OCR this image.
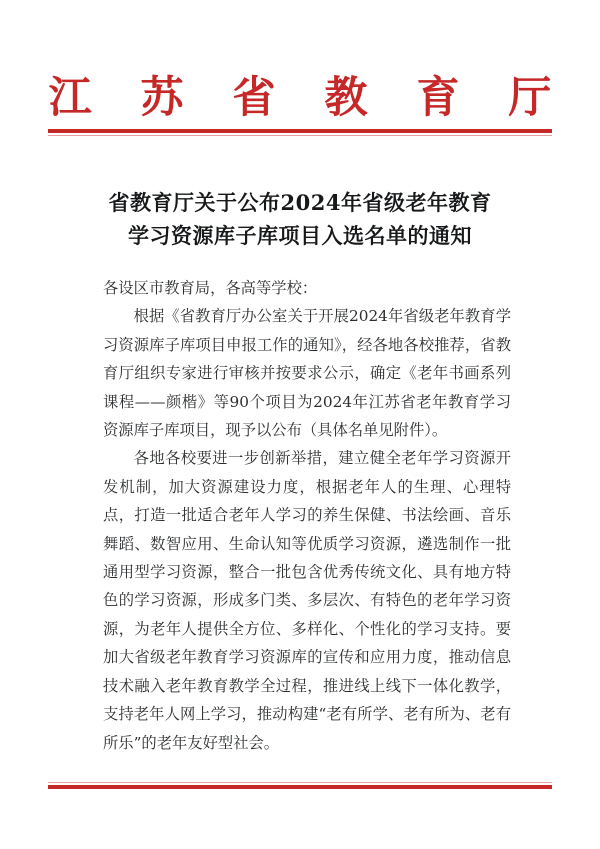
江 苏 省 教 育 厅
省教育厅关于公布2024年省级老年教育
学习资源库子库项目入选名单的通知

各设区市教育局，各高等学校：

根据《省教育厅办公室关于开展2024年省级老年教育学习资源库子库项目申报工作的通知》，经各地各校推荐，省教育厅组织专家进行审核并按要求公示，确定《老年书画系列课程——颜楷》等90个项目为2024年江苏省老年教育学习资源库子库项目，现予以公布（具体名单见附件）。

各地各校要进一步创新举措，建立健全老年学习资源开发机制，加大资源建设力度，根据老年人的生理、心理特点，打造一批适合老年人学习的养生保健、书法绘画、音乐舞蹈、数智应用、生命认知等优质学习资源，遴选制作一批通用型学习资源，整合一批包含优秀传统文化、具有地方特色的学习资源，形成多门类、多层次、有特色的老年学习资源，为老年人提供全方位、多样化、个性化的学习支持。要加大省级老年教育学习资源库的宣传和应用力度，推动信息技术融入老年教育教学全过程，推进线上线下一体化教学，支持老年人网上学习，推动构建“老有所学、老有所为、老有所乐”的老年友好型社会。
